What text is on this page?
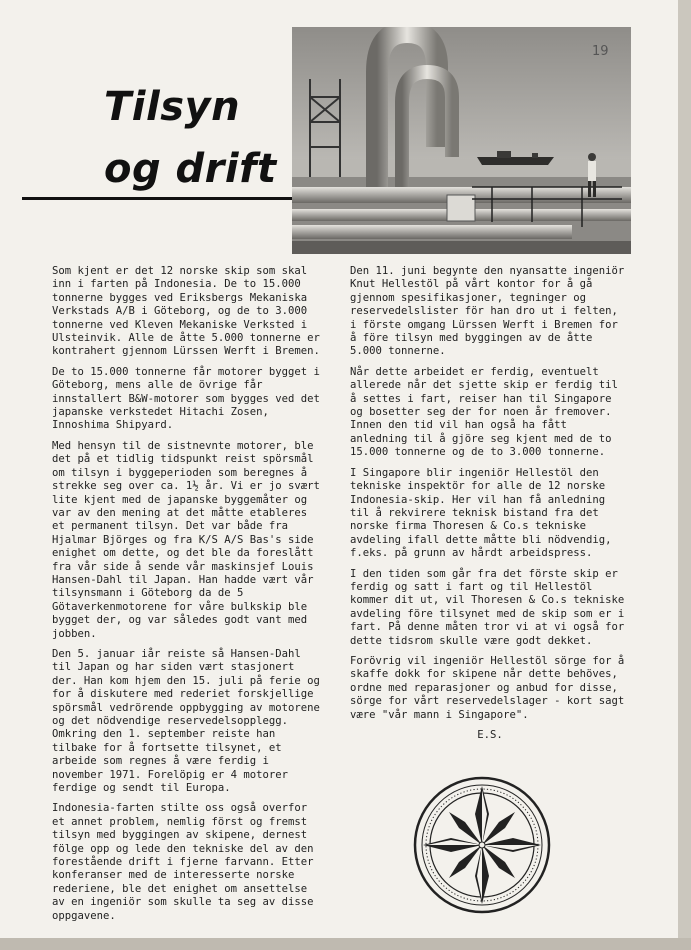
Tilsyn
og drift
19

Som kjent er det 12 norske skip som skal inn i farten på Indonesia. De to 15.000 tonnerne bygges ved Eriksbergs Mekaniska Verkstads A/B i Göteborg, og de to 3.000 tonnerne ved Kleven Mekaniske Verksted i Ulsteinvik. Alle de åtte 5.000 tonnerne er kontrahert gjennom Lürssen Werft i Bremen.

De to 15.000 tonnerne får motorer bygget i Göteborg, mens alle de övrige får innstallert B&W-motorer som bygges ved det japanske verkstedet Hitachi Zosen, Innoshima Shipyard.

Med hensyn til de sistnevnte motorer, ble det på et tidlig tidspunkt reist spörsmål om tilsyn i byggeperioden som beregnes å strekke seg over ca. 1½ år. Vi er jo svært lite kjent med de japanske byggemåter og var av den mening at det måtte etableres et permanent tilsyn. Det var både fra Hjalmar Björges og fra K/S A/S Bas's side enighet om dette, og det ble da foreslått fra vår side å sende vår maskinsjef Louis Hansen-Dahl til Japan. Han hadde vært vår tilsynsmann i Göteborg da de 5 Götaverkenmotorene for våre bulkskip ble bygget der, og var således godt vant med jobben.

Den 5. januar iår reiste så Hansen-Dahl til Japan og har siden vært stasjonert der. Han kom hjem den 15. juli på ferie og for å diskutere med rederiet forskjellige spörsmål vedrörende oppbygging av motorene og det nödvendige reservedelsopplegg. Omkring den 1. september reiste han tilbake for å fortsette tilsynet, et arbeide som regnes å være ferdig i november 1971. Forelöpig er 4 motorer ferdige og sendt til Europa.

Indonesia-farten stilte oss også overfor et annet problem, nemlig först og fremst tilsyn med byggingen av skipene, dernest fölge opp og lede den tekniske del av den forestående drift i fjerne farvann. Etter konferanser med de interesserte norske rederiene, ble det enighet om ansettelse av en ingeniör som skulle ta seg av disse oppgavene.

Den 11. juni begynte den nyansatte ingeniör Knut Hellestöl på vårt kontor for å gå gjennom spesifikasjoner, tegninger og reservedelslister för han dro ut i felten, i förste omgang Lürssen Werft i Bremen for å före tilsyn med byggingen av de åtte 5.000 tonnerne.

Når dette arbeidet er ferdig, eventuelt allerede når det sjette skip er ferdig til å settes i fart, reiser han til Singapore og bosetter seg der for noen år fremover. Innen den tid vil han også ha fått anledning til å gjöre seg kjent med de to 15.000 tonnerne og de to 3.000 tonnerne.

I Singapore blir ingeniör Hellestöl den tekniske inspektör for alle de 12 norske Indonesia-skip. Her vil han få anledning til å rekvirere teknisk bistand fra det norske firma Thoresen & Co.s tekniske avdeling ifall dette måtte bli nödvendig, f.eks. på grunn av hårdt arbeidspress.

I den tiden som går fra det förste skip er ferdig og satt i fart og til Hellestöl kommer dit ut, vil Thoresen & Co.s tekniske avdeling före tilsynet med de skip som er i fart. På denne måten tror vi at vi også for dette tidsrom skulle være godt dekket.

Forövrig vil ingeniör Hellestöl sörge for å skaffe dokk for skipene når dette behöves, ordne med reparasjoner og anbud for disse, sörge for vårt reservedelslager - kort sagt være "vår mann i Singapore".

E.S.
